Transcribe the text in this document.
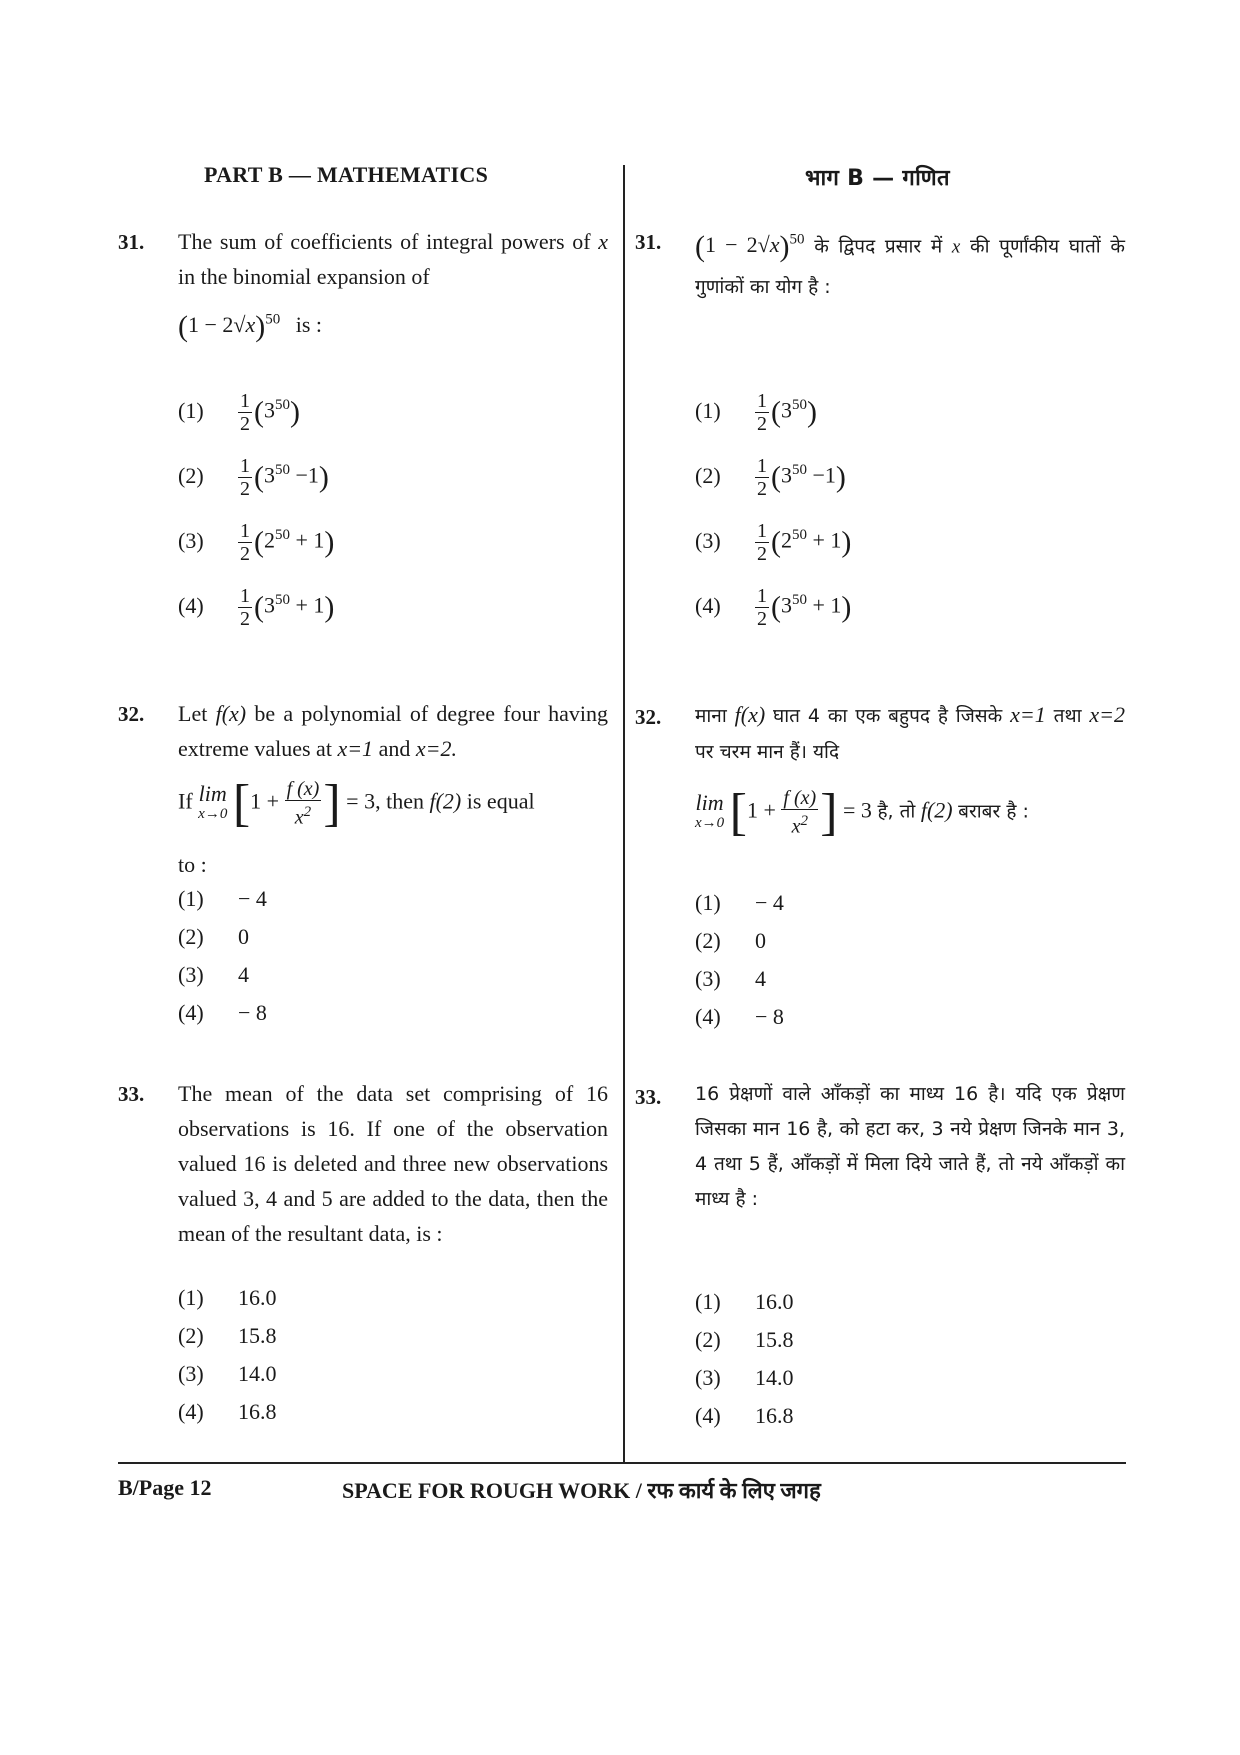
PART B — MATHEMATICS
31. The sum of coefficients of integral powers of x in the binomial expansion of
$(1 - 2√x)^{50}$ is :
$(1) \frac{1}{2} (3^{50})$
$(2) \frac{1}{2} (3^{50} -1)$
$(3) \frac{1}{2} (2^{50} + 1)$
$(4) \frac{1}{2} (3^{50} + 1)$
32. Let f(x) be a polynomial of degree four having extreme values at x=1 and x=2.
If lim
x→0 [$1 + \frac{f (x)}{x^2}$ ] = 3, then f(2) is equal
to :
(1) − 4
(2) 0
(3) 4
(4) − 8
33. The mean of the data set comprising of 16 observations is 16. If one of the observation valued 16 is deleted and three new observations valued 3, 4 and 5 are added to the data, then the mean of the resultant data, is :
(1) 16.0
(2) 15.8
(3) 14.0
(4) 16.8
भाग B — गणित
31. $(1 - 2√x)^{50}$ के द्विपद प्रसार में x की पूर्णांकीय घातों के गुणांकों का योग है :
$(1) \frac{1}{2} (3^{50})$
$(2) \frac{1}{2} (3^{50} -1)$
$(3) \frac{1}{2} (2^{50} + 1)$
$(4) \frac{1}{2} (3^{50} + 1)$
32. माना f(x) घात 4 का एक बहुपद है जिसके x=1 तथा x=2 पर चरम मान हैं। यदि
lim
x→0 [$1 + \frac{f (x)}{x^2}$ ] = 3 है, तो f(2) बराबर है :
(1) − 4
(2) 0
(3) 4
(4) − 8
33. 16 प्रेक्षणों वाले आँकड़ों का माध्य 16 है। यदि एक प्रेक्षण जिसका मान 16 है, को हटा कर, 3 नये प्रेक्षण जिनके मान 3, 4 तथा 5 हैं, आँकड़ों में मिला दिये जाते हैं, तो नये आँकड़ों का माध्य है :
(1) 16.0
(2) 15.8
(3) 14.0
(4) 16.8
B/Page 12	SPACE FOR ROUGH WORK / रफ कार्य के लिए जगह
